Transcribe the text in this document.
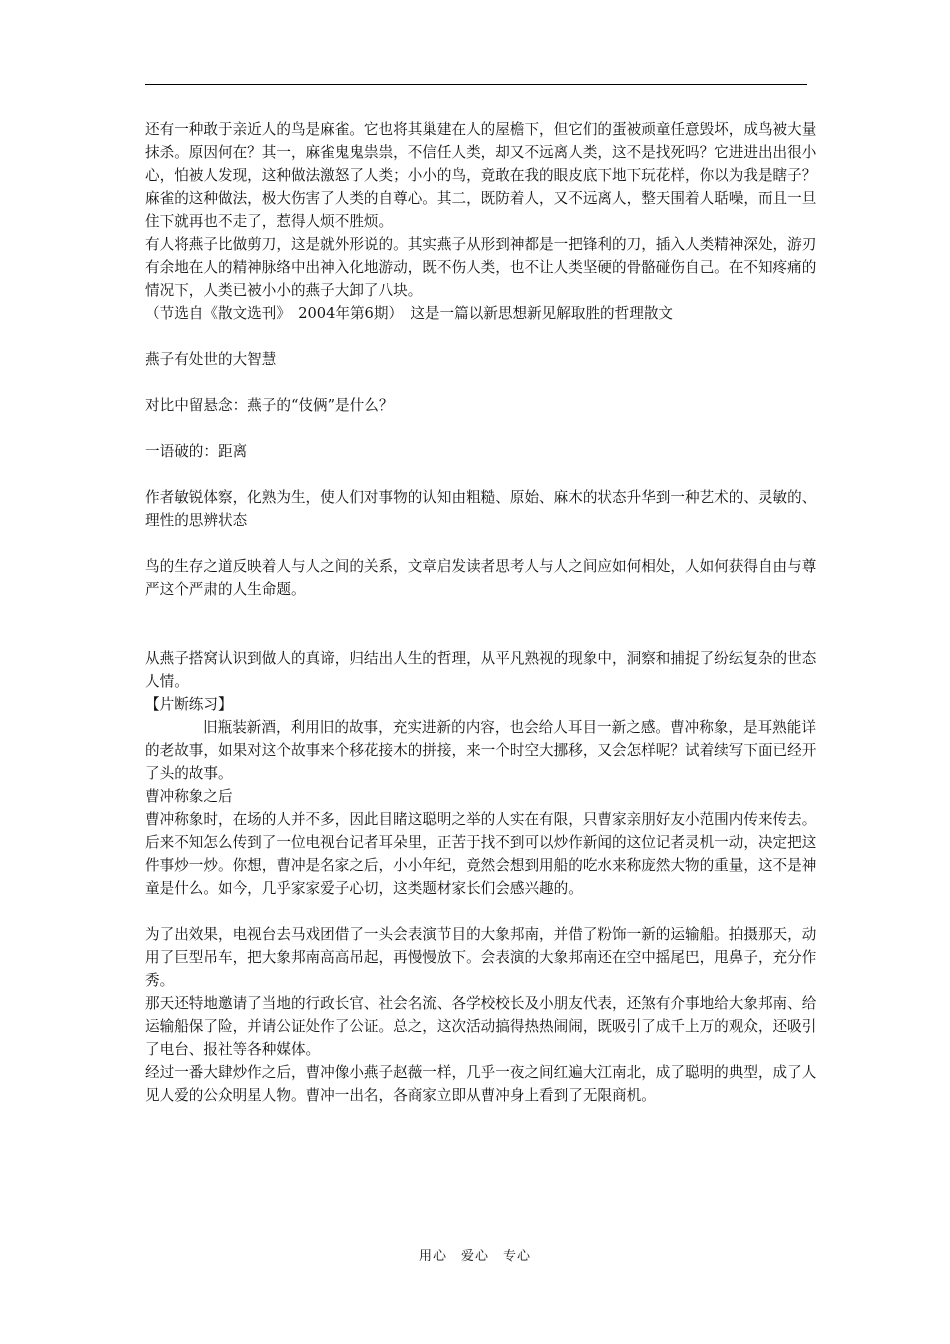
还有一种敢于亲近人的鸟是麻雀。它也将其巢建在人的屋檐下，但它们的蛋被顽童任意毁坏，成鸟被大量抹杀。原因何在？其一，麻雀鬼鬼祟祟，不信任人类，却又不远离人类，这不是找死吗？它进进出出很小心，怕被人发现，这种做法激怒了人类；小小的鸟，竟敢在我的眼皮底下地下玩花样，你以为我是瞎子？麻雀的这种做法，极大伤害了人类的自尊心。其二，既防着人，又不远离人，整天围着人聒噪，而且一旦住下就再也不走了，惹得人烦不胜烦。

有人将燕子比做剪刀，这是就外形说的。其实燕子从形到神都是一把锋利的刀，插入人类精神深处，游刃有余地在人的精神脉络中出神入化地游动，既不伤人类，也不让人类坚硬的骨骼碰伤自己。在不知疼痛的情况下，人类已被小小的燕子大卸了八块。

（节选自《散文选刊》　2004年第6期）　这是一篇以新思想新见解取胜的哲理散文

燕子有处世的大智慧

对比中留悬念：燕子的“伎俩”是什么？

一语破的：距离

作者敏锐体察，化熟为生，使人们对事物的认知由粗糙、原始、麻木的状态升华到一种艺术的、灵敏的、理性的思辨状态

鸟的生存之道反映着人与人之间的关系，文章启发读者思考人与人之间应如何相处，人如何获得自由与尊严这个严肃的人生命题。

从燕子搭窝认识到做人的真谛，归结出人生的哲理，从平凡熟视的现象中，洞察和捕捉了纷纭复杂的世态人情。

【片断练习】

旧瓶装新酒，利用旧的故事，充实进新的内容，也会给人耳目一新之感。曹冲称象，是耳熟能详的老故事，如果对这个故事来个移花接木的拼接，来一个时空大挪移，又会怎样呢？试着续写下面已经开了头的故事。

曹冲称象之后

曹冲称象时，在场的人并不多，因此目睹这聪明之举的人实在有限，只曹家亲朋好友小范围内传来传去。

后来不知怎么传到了一位电视台记者耳朵里，正苦于找不到可以炒作新闻的这位记者灵机一动，决定把这件事炒一炒。你想，曹冲是名家之后，小小年纪，竟然会想到用船的吃水来称庞然大物的重量，这不是神童是什么。如今，几乎家家爱子心切，这类题材家长们会感兴趣的。

为了出效果，电视台去马戏团借了一头会表演节目的大象邦南，并借了粉饰一新的运输船。拍摄那天，动用了巨型吊车，把大象邦南高高吊起，再慢慢放下。会表演的大象邦南还在空中摇尾巴，甩鼻子，充分作秀。

那天还特地邀请了当地的行政长官、社会名流、各学校校长及小朋友代表，还煞有介事地给大象邦南、给运输船保了险，并请公证处作了公证。总之，这次活动搞得热热闹闹，既吸引了成千上万的观众，还吸引了电台、报社等各种媒体。

经过一番大肆炒作之后，曹冲像小燕子赵薇一样，几乎一夜之间红遍大江南北，成了聪明的典型，成了人见人爱的公众明星人物。曹冲一出名，各商家立即从曹冲身上看到了无限商机。

用心　爱心　专心
